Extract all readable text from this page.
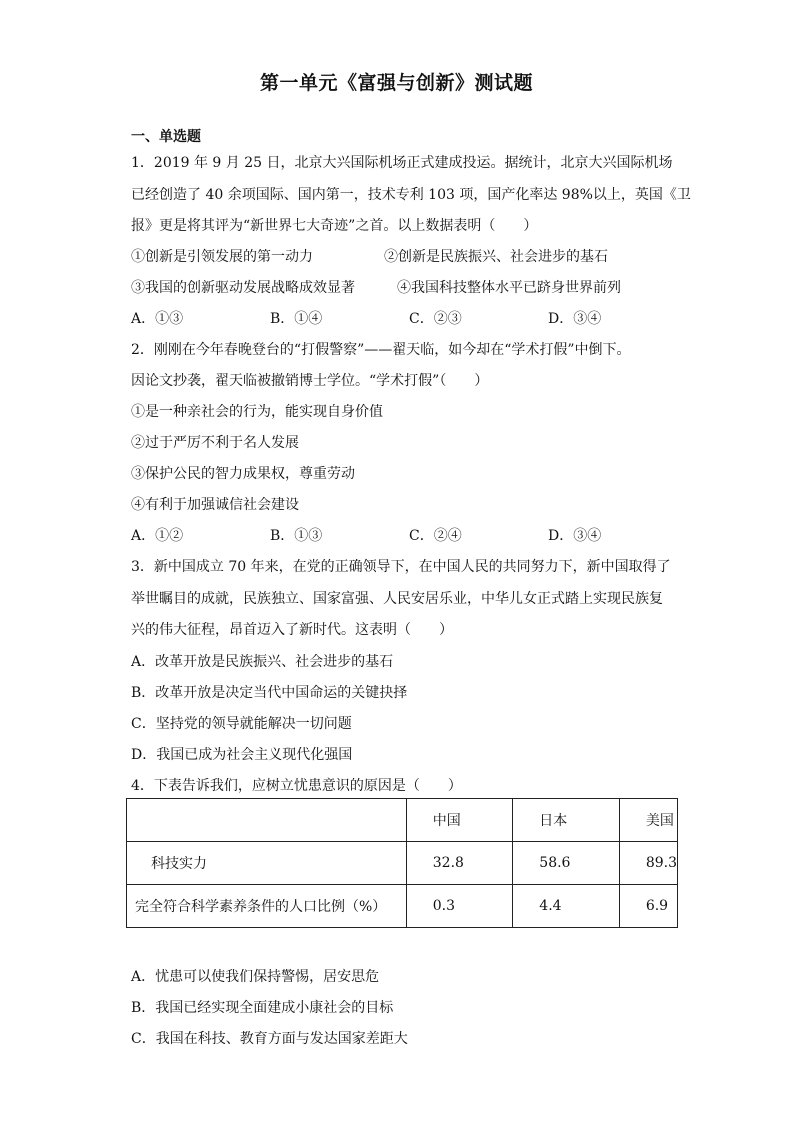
第一单元《富强与创新》测试题
一、单选题
1．2019 年 9 月 25 日，北京大兴国际机场正式建成投运。据统计，北京大兴国际机场
已经创造了 40 余项国际、国内第一，技术专利 103 项，国产化率达 98%以上，英国《卫
报》更是将其评为“新世界七大奇迹”之首。以上数据表明（　　）
①创新是引领发展的第一动力	②创新是民族振兴、社会进步的基石
③我国的创新驱动发展战略成效显著	④我国科技整体水平已跻身世界前列
A．①③	B．①④	C．②③	D．③④
2．刚刚在今年春晚登台的“打假警察”——翟天临，如今却在“学术打假”中倒下。
因论文抄袭，翟天临被撤销博士学位。“学术打假”（　　）
①是一种亲社会的行为，能实现自身价值
②过于严厉不利于名人发展
③保护公民的智力成果权，尊重劳动
④有利于加强诚信社会建设
A．①②	B．①③	C．②④	D．③④
3．新中国成立 70 年来，在党的正确领导下，在中国人民的共同努力下，新中国取得了
举世瞩目的成就，民族独立、国家富强、人民安居乐业，中华儿女正式踏上实现民族复
兴的伟大征程，昂首迈入了新时代。这表明（　　）
A．改革开放是民族振兴、社会进步的基石
B．改革开放是决定当代中国命运的关键抉择
C．坚持党的领导就能解决一切问题
D．我国已成为社会主义现代化强国
4．下表告诉我们，应树立忧患意识的原因是（　　）
	中国	日本	美国
科技实力	32.8	58.6	89.3
完全符合科学素养条件的人口比例（%）	0.3	4.4	6.9
A．忧患可以使我们保持警惕，居安思危
B．我国已经实现全面建成小康社会的目标
C．我国在科技、教育方面与发达国家差距大
